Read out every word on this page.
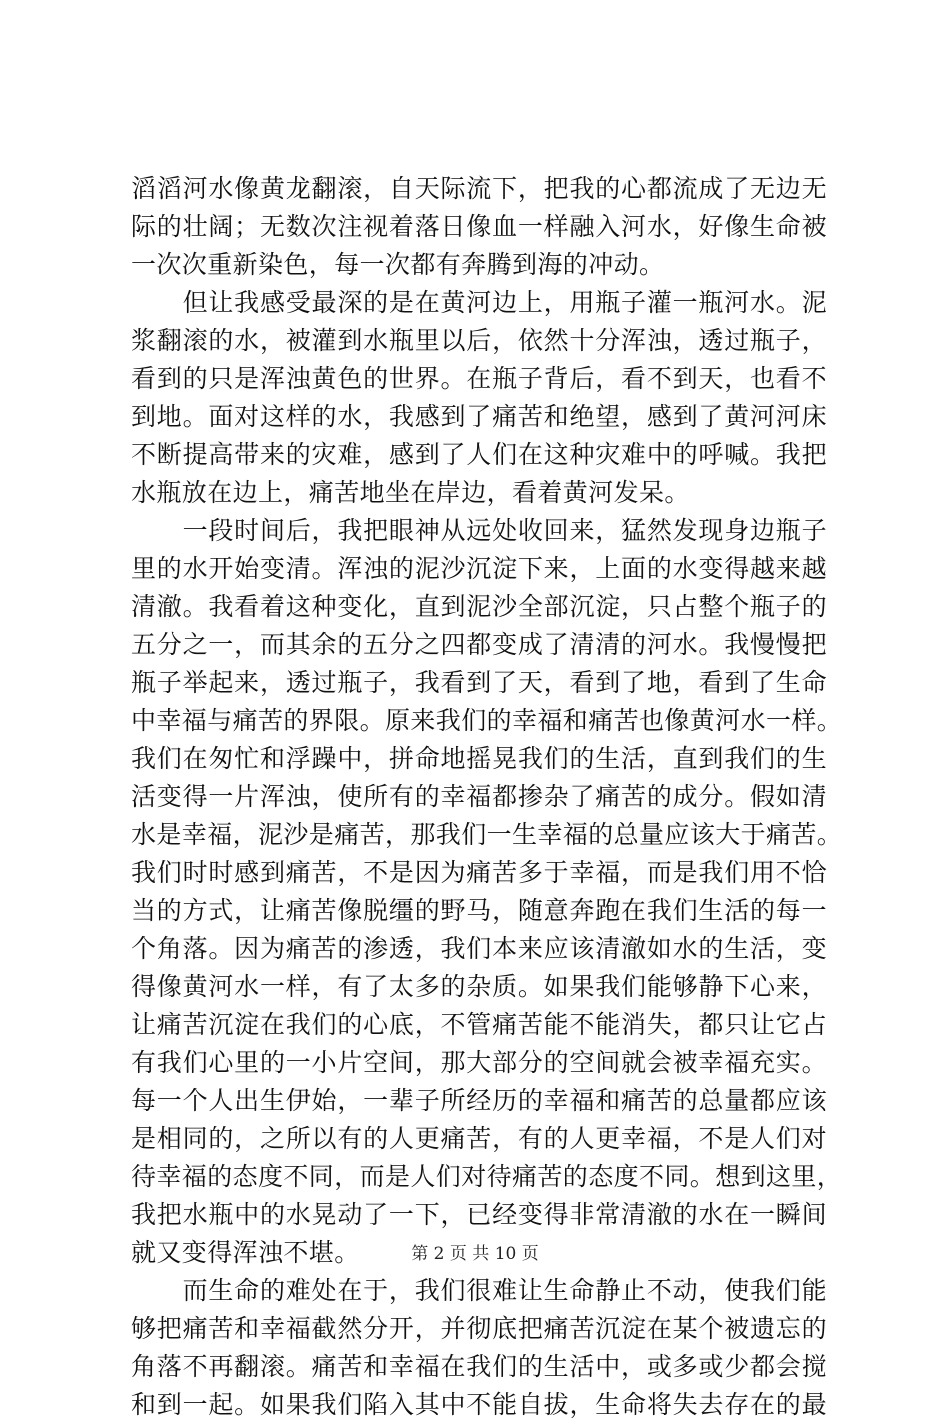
滔滔河水像黄龙翻滚，自天际流下，把我的心都流成了无边无
际的壮阔；无数次注视着落日像血一样融入河水，好像生命被
一次次重新染色，每一次都有奔腾到海的冲动。
　　但让我感受最深的是在黄河边上，用瓶子灌一瓶河水。泥
浆翻滚的水，被灌到水瓶里以后，依然十分浑浊，透过瓶子，
看到的只是浑浊黄色的世界。在瓶子背后，看不到天，也看不
到地。面对这样的水，我感到了痛苦和绝望，感到了黄河河床
不断提高带来的灾难，感到了人们在这种灾难中的呼喊。我把
水瓶放在边上，痛苦地坐在岸边，看着黄河发呆。
　　一段时间后，我把眼神从远处收回来，猛然发现身边瓶子
里的水开始变清。浑浊的泥沙沉淀下来，上面的水变得越来越
清澈。我看着这种变化，直到泥沙全部沉淀，只占整个瓶子的
五分之一，而其余的五分之四都变成了清清的河水。我慢慢把
瓶子举起来，透过瓶子，我看到了天，看到了地，看到了生命
中幸福与痛苦的界限。原来我们的幸福和痛苦也像黄河水一样。
我们在匆忙和浮躁中，拼命地摇晃我们的生活，直到我们的生
活变得一片浑浊，使所有的幸福都掺杂了痛苦的成分。假如清
水是幸福，泥沙是痛苦，那我们一生幸福的总量应该大于痛苦。
我们时时感到痛苦，不是因为痛苦多于幸福，而是我们用不恰
当的方式，让痛苦像脱缰的野马，随意奔跑在我们生活的每一
个角落。因为痛苦的渗透，我们本来应该清澈如水的生活，变
得像黄河水一样，有了太多的杂质。如果我们能够静下心来，
让痛苦沉淀在我们的心底，不管痛苦能不能消失，都只让它占
有我们心里的一小片空间，那大部分的空间就会被幸福充实。
每一个人出生伊始，一辈子所经历的幸福和痛苦的总量都应该
是相同的，之所以有的人更痛苦，有的人更幸福，不是人们对
待幸福的态度不同，而是人们对待痛苦的态度不同。想到这里，
我把水瓶中的水晃动了一下，已经变得非常清澈的水在一瞬间
就又变得浑浊不堪。
　　而生命的难处在于，我们很难让生命静止不动，使我们能
够把痛苦和幸福截然分开，并彻底把痛苦沉淀在某个被遗忘的
角落不再翻滚。痛苦和幸福在我们的生活中，或多或少都会搅
和到一起。如果我们陷入其中不能自拔，生命将失去存在的最
第 2 页 共 10 页
